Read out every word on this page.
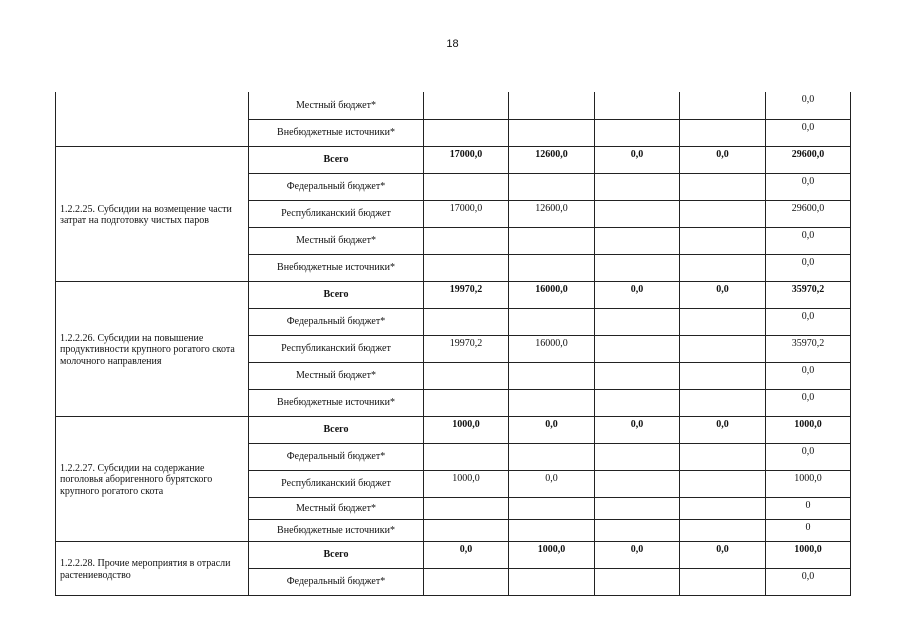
18
	Местный бюджет*					0,0
	Внебюджетные источники*					0,0
1.2.2.25. Субсидии на возмещение части затрат на подготовку чистых паров	Всего	17000,0	12600,0	0,0	0,0	29600,0
	Федеральный бюджет*					0,0
	Республиканский бюджет	17000,0	12600,0			29600,0
	Местный бюджет*					0,0
	Внебюджетные источники*					0,0
1.2.2.26. Субсидии на повышение продуктивности крупного рогатого скота молочного направления	Всего	19970,2	16000,0	0,0	0,0	35970,2
	Федеральный бюджет*					0,0
	Республиканский бюджет	19970,2	16000,0			35970,2
	Местный бюджет*					0,0
	Внебюджетные источники*					0,0
1.2.2.27. Субсидии на содержание поголовья аборигенного бурятского крупного рогатого скота	Всего	1000,0	0,0	0,0	0,0	1000,0
	Федеральный бюджет*					0,0
	Республиканский бюджет	1000,0	0,0			1000,0
	Местный бюджет*					0
	Внебюджетные источники*					0
1.2.2.28. Прочие мероприятия в отрасли растениеводство	Всего	0,0	1000,0	0,0	0,0	1000,0
	Федеральный бюджет*					0,0
